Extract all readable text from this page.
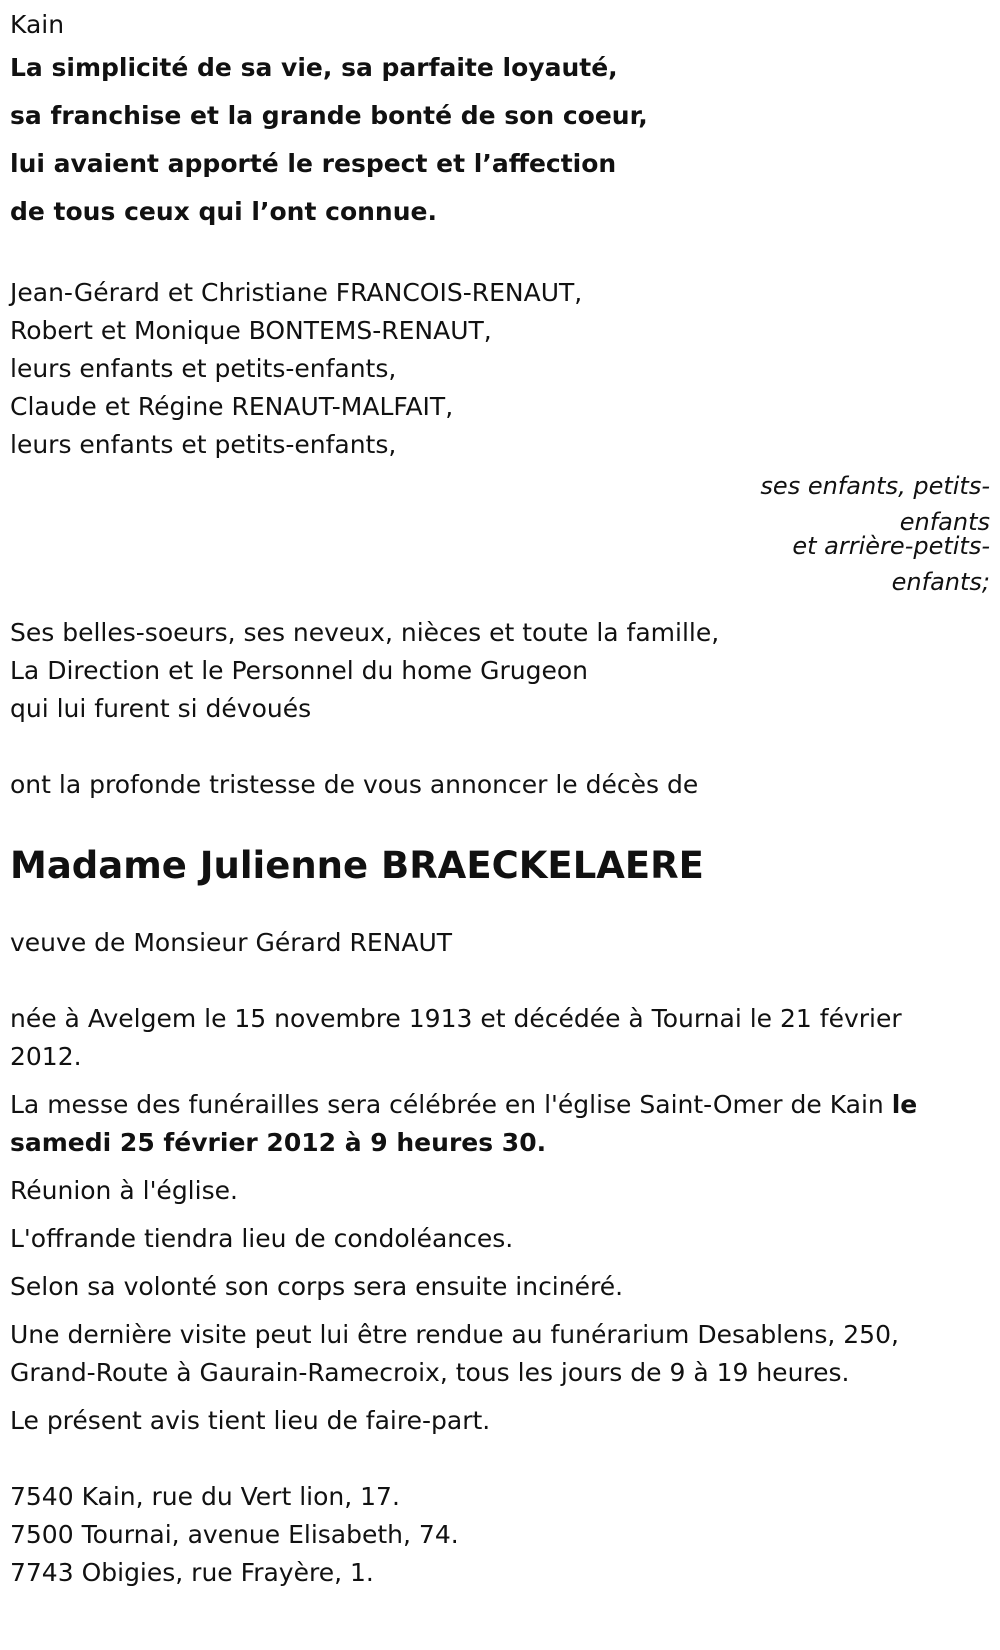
Kain

La simplicité de sa vie, sa parfaite loyauté,

sa franchise et la grande bonté de son coeur,

lui avaient apporté le respect et l’affection

de tous ceux qui l’ont connue.

Jean-Gérard et Christiane FRANCOIS-RENAUT,

Robert et Monique BONTEMS-RENAUT,

leurs enfants et petits-enfants,

Claude et Régine RENAUT-MALFAIT,

leurs enfants et petits-enfants,

ses enfants, petits-

enfants

et arrière-petits-

enfants;

Ses belles-soeurs, ses neveux, nièces et toute la famille,

La Direction et le Personnel du home Grugeon

qui lui furent si dévoués

ont la profonde tristesse de vous annoncer le décès de

Madame Julienne BRAECKELAERE

veuve de Monsieur Gérard RENAUT

née à Avelgem le 15 novembre 1913 et décédée à Tournai le 21 février 2012.

La messe des funérailles sera célébrée en l'église Saint-Omer de Kain le samedi 25 février 2012 à 9 heures 30.

Réunion à l'église.

L'offrande tiendra lieu de condoléances.

Selon sa volonté son corps sera ensuite incinéré.

Une dernière visite peut lui être rendue au funérarium Desablens, 250, Grand-Route à Gaurain-Ramecroix, tous les jours de 9 à 19 heures.

Le présent avis tient lieu de faire-part.

7540 Kain, rue du Vert lion, 17.

7500 Tournai, avenue Elisabeth, 74.

7743 Obigies, rue Frayère, 1.
